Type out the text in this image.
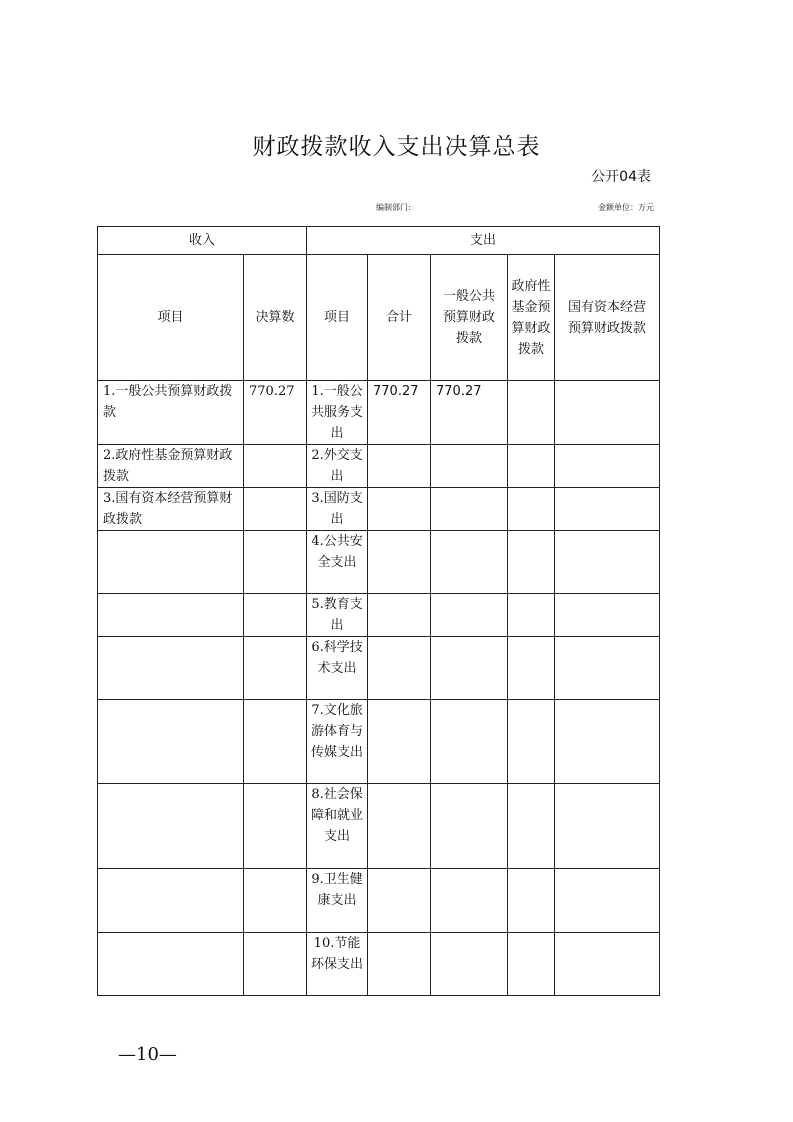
财政拨款收入支出决算总表
公开04表
编制部门:	金额单位：万元
收入		支出				
项目	决算数	项目	合计	一般公共预算财政拨款	政府性基金预算财政拨款	国有资本经营预算财政拨款
1.一般公共预算财政拨款	770.27	1.一般公共服务支出	770.27	770.27		
2.政府性基金预算财政拨款		2.外交支出				
3.国有资本经营预算财政拨款		3.国防支出				
		4.公共安全支出				
		5.教育支出				
		6.科学技术支出				
		7.文化旅游体育与传媒支出				
		8.社会保障和就业支出				
		9.卫生健康支出				
		10.节能环保支出				
—10—
